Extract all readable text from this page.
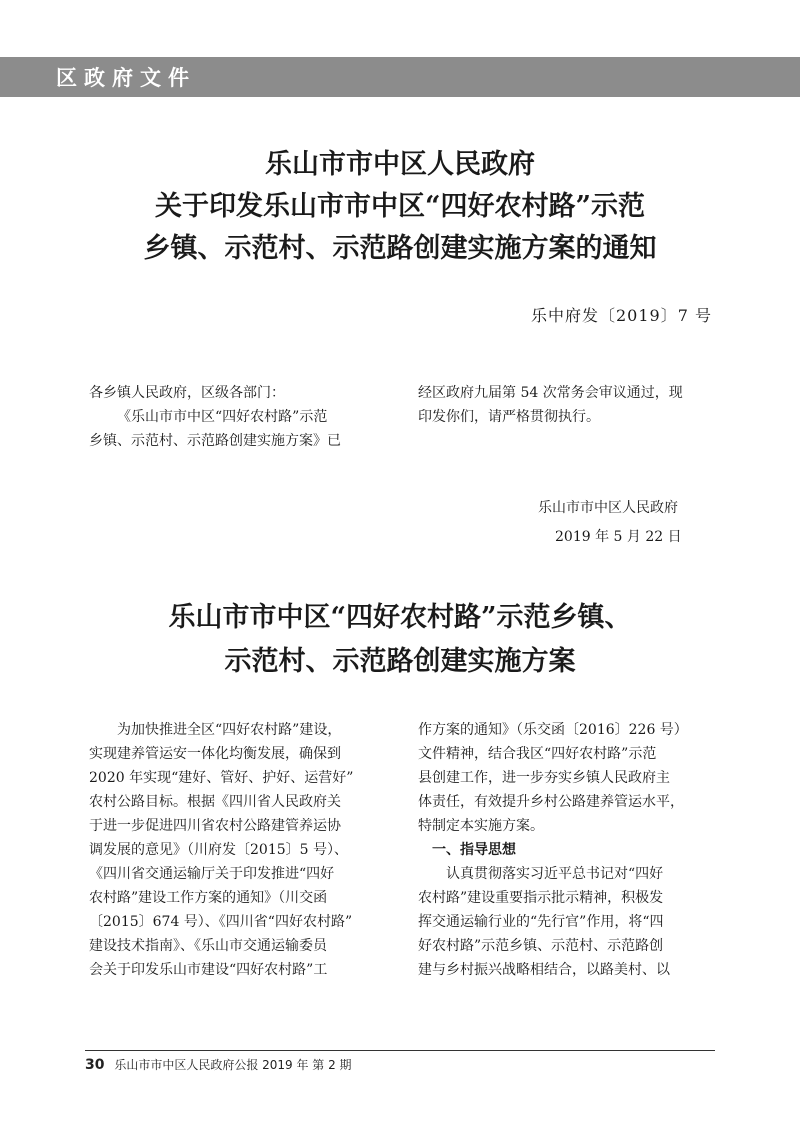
区政府文件
乐山市市中区人民政府
关于印发乐山市市中区“四好农村路”示范
乡镇、示范村、示范路创建实施方案的通知
乐中府发〔2019〕7 号

各乡镇人民政府，区级各部门：

《乐山市市中区“四好农村路”示范

乡镇、示范村、示范路创建实施方案》已

经区政府九届第 54 次常务会审议通过，现

印发你们，请严格贯彻执行。

乐山市市中区人民政府
2019 年 5 月 22 日
乐山市市中区“四好农村路”示范乡镇、
示范村、示范路创建实施方案

为加快推进全区“四好农村路”建设，

实现建养管运安一体化均衡发展，确保到

2020 年实现“建好、管好、护好、运营好”

农村公路目标。根据《四川省人民政府关

于进一步促进四川省农村公路建管养运协

调发展的意见》（川府发〔2015〕5 号）、

《四川省交通运输厅关于印发推进“四好

农村路”建设工作方案的通知》（川交函

〔2015〕674 号）、《四川省“四好农村路”

建设技术指南》、《乐山市交通运输委员

会关于印发乐山市建设“四好农村路”工

作方案的通知》（乐交函〔2016〕226 号）

文件精神，结合我区“四好农村路”示范

县创建工作，进一步夯实乡镇人民政府主

体责任，有效提升乡村公路建养管运水平，

特制定本实施方案。

一、指导思想

认真贯彻落实习近平总书记对“四好

农村路”建设重要指示批示精神，积极发

挥交通运输行业的“先行官”作用，将“四

好农村路”示范乡镇、示范村、示范路创

建与乡村振兴战略相结合，以路美村、以

30 乐山市市中区人民政府公报 2019 年 第 2 期
